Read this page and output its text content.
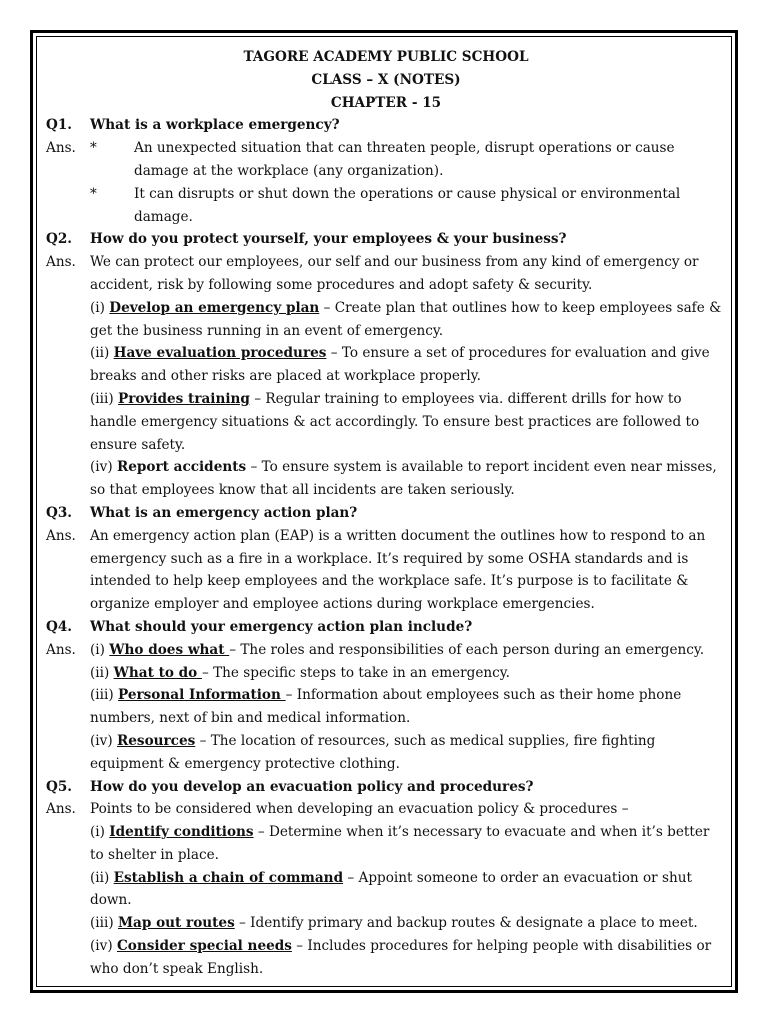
TAGORE ACADEMY PUBLIC SCHOOL
CLASS – X (NOTES)
CHAPTER - 15
Q1. What is a workplace emergency?
Ans. *	An unexpected situation that can threaten people, disrupt operations or cause damage at the workplace (any organization).
*	It can disrupts or shut down the operations or cause physical or environmental damage.
Q2. How do you protect yourself, your employees & your business?
Ans. We can protect our employees, our self and our business from any kind of emergency or accident, risk by following some procedures and adopt safety & security.
(i) Develop an emergency plan – Create plan that outlines how to keep employees safe & get the business running in an event of emergency.
(ii) Have evaluation procedures – To ensure a set of procedures for evaluation and give breaks and other risks are placed at workplace properly.
(iii) Provides training – Regular training to employees via. different drills for how to handle emergency situations & act accordingly. To ensure best practices are followed to ensure safety.
(iv) Report accidents – To ensure system is available to report incident even near misses, so that employees know that all incidents are taken seriously.
Q3. What is an emergency action plan?
Ans. An emergency action plan (EAP) is a written document the outlines how to respond to an emergency such as a fire in a workplace. It’s required by some OSHA standards and is intended to help keep employees and the workplace safe. It’s purpose is to facilitate & organize employer and employee actions during workplace emergencies.
Q4. What should your emergency action plan include?
Ans. (i) Who does what – The roles and responsibilities of each person during an emergency.
(ii) What to do – The specific steps to take in an emergency.
(iii) Personal Information – Information about employees such as their home phone numbers, next of bin and medical information.
(iv) Resources – The location of resources, such as medical supplies, fire fighting equipment & emergency protective clothing.
Q5. How do you develop an evacuation policy and procedures?
Ans. Points to be considered when developing an evacuation policy & procedures –
(i) Identify conditions – Determine when it’s necessary to evacuate and when it’s better to shelter in place.
(ii) Establish a chain of command – Appoint someone to order an evacuation or shut down.
(iii) Map out routes – Identify primary and backup routes & designate a place to meet.
(iv) Consider special needs – Includes procedures for helping people with disabilities or who don’t speak English.
